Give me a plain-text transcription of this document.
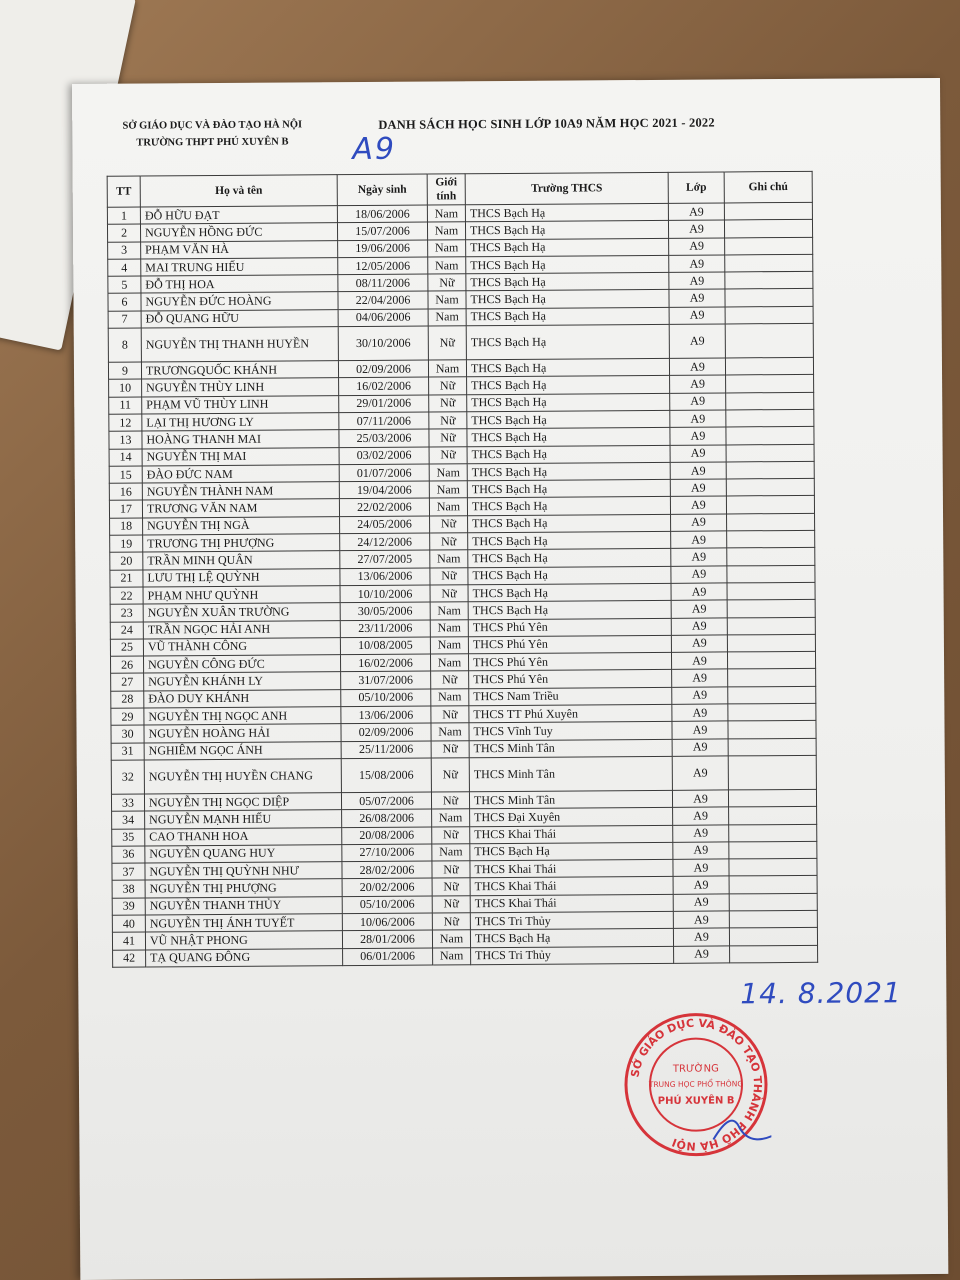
SỞ GIÁO DỤC VÀ ĐÀO TẠO HÀ NỘI
TRƯỜNG THPT PHÚ XUYÊN B
DANH SÁCH HỌC SINH LỚP 10A9 NĂM HỌC 2021 - 2022
A9
TT	Họ và tên	Ngày sinh	Giới tính	Trường THCS	Lớp	Ghi chú
1	ĐỖ HỮU ĐẠT	18/06/2006	Nam	THCS Bạch Hạ	A9	
2	NGUYỄN HỒNG ĐỨC	15/07/2006	Nam	THCS Bạch Hạ	A9	
3	PHẠM VĂN HÀ	19/06/2006	Nam	THCS Bạch Hạ	A9	
4	MAI TRUNG HIẾU	12/05/2006	Nam	THCS Bạch Hạ	A9	
5	ĐỖ THỊ HOA	08/11/2006	Nữ	THCS Bạch Hạ	A9	
6	NGUYỄN ĐỨC HOÀNG	22/04/2006	Nam	THCS Bạch Hạ	A9	
7	ĐỖ QUANG HỮU	04/06/2006	Nam	THCS Bạch Hạ	A9	
8	NGUYỄN THỊ THANH HUYỀN	30/10/2006	Nữ	THCS Bạch Hạ	A9	
9	TRƯƠNGQUỐC KHÁNH	02/09/2006	Nam	THCS Bạch Hạ	A9	
10	NGUYỄN THÙY LINH	16/02/2006	Nữ	THCS Bạch Hạ	A9	
11	PHẠM VŨ THÙY LINH	29/01/2006	Nữ	THCS Bạch Hạ	A9	
12	LẠI THỊ HƯƠNG LY	07/11/2006	Nữ	THCS Bạch Hạ	A9	
13	HOÀNG THANH MAI	25/03/2006	Nữ	THCS Bạch Hạ	A9	
14	NGUYỄN THỊ MAI	03/02/2006	Nữ	THCS Bạch Hạ	A9	
15	ĐÀO ĐỨC NAM	01/07/2006	Nam	THCS Bạch Hạ	A9	
16	NGUYỄN THÀNH NAM	19/04/2006	Nam	THCS Bạch Hạ	A9	
17	TRƯƠNG VĂN NAM	22/02/2006	Nam	THCS Bạch Hạ	A9	
18	NGUYỄN THỊ NGÀ	24/05/2006	Nữ	THCS Bạch Hạ	A9	
19	TRƯƠNG THỊ PHƯỢNG	24/12/2006	Nữ	THCS Bạch Hạ	A9	
20	TRẦN MINH QUÂN	27/07/2005	Nam	THCS Bạch Hạ	A9	
21	LƯU THỊ LỆ QUỲNH	13/06/2006	Nữ	THCS Bạch Hạ	A9	
22	PHẠM NHƯ QUỲNH	10/10/2006	Nữ	THCS Bạch Hạ	A9	
23	NGUYỄN XUÂN TRƯỜNG	30/05/2006	Nam	THCS Bạch Hạ	A9	
24	TRẦN NGỌC HẢI ANH	23/11/2006	Nam	THCS Phú Yên	A9	
25	VŨ THÀNH CÔNG	10/08/2005	Nam	THCS Phú Yên	A9	
26	NGUYỄN CÔNG ĐỨC	16/02/2006	Nam	THCS Phú Yên	A9	
27	NGUYỄN KHÁNH LY	31/07/2006	Nữ	THCS Phú Yên	A9	
28	ĐÀO DUY KHÁNH	05/10/2006	Nam	THCS Nam Triều	A9	
29	NGUYỄN THỊ NGỌC ANH	13/06/2006	Nữ	THCS TT Phú Xuyên	A9	
30	NGUYỄN HOÀNG HẢI	02/09/2006	Nam	THCS Vĩnh Tuy	A9	
31	NGHIÊM NGỌC ÁNH	25/11/2006	Nữ	THCS Minh Tân	A9	
32	NGUYỄN THỊ HUYỀN CHANG	15/08/2006	Nữ	THCS Minh Tân	A9	
33	NGUYỄN THỊ NGỌC DIỆP	05/07/2006	Nữ	THCS Minh Tân	A9	
34	NGUYỄN MẠNH HIẾU	26/08/2006	Nam	THCS Đại Xuyên	A9	
35	CAO THANH HOA	20/08/2006	Nữ	THCS Khai Thái	A9	
36	NGUYỄN QUANG HUY	27/10/2006	Nam	THCS Bạch Hạ	A9	
37	NGUYỄN THỊ QUỲNH NHƯ	28/02/2006	Nữ	THCS Khai Thái	A9	
38	NGUYỄN THỊ PHƯỢNG	20/02/2006	Nữ	THCS Khai Thái	A9	
39	NGUYỄN THANH THỦY	05/10/2006	Nữ	THCS Khai Thái	A9	
40	NGUYỄN THỊ ÁNH TUYẾT	10/06/2006	Nữ	THCS Tri Thủy	A9	
41	VŨ NHẬT PHONG	28/01/2006	Nam	THCS Bạch Hạ	A9	
42	TẠ QUANG ĐÔNG	06/01/2006	Nam	THCS Tri Thủy	A9	
14. 8.2021
SỞ GIÁO DỤC VÀ ĐÀO TẠO THÀNH PHỐ HÀ NỘI
TRƯỜNG
TRUNG HỌC PHỔ THÔNG
PHÚ XUYÊN B
